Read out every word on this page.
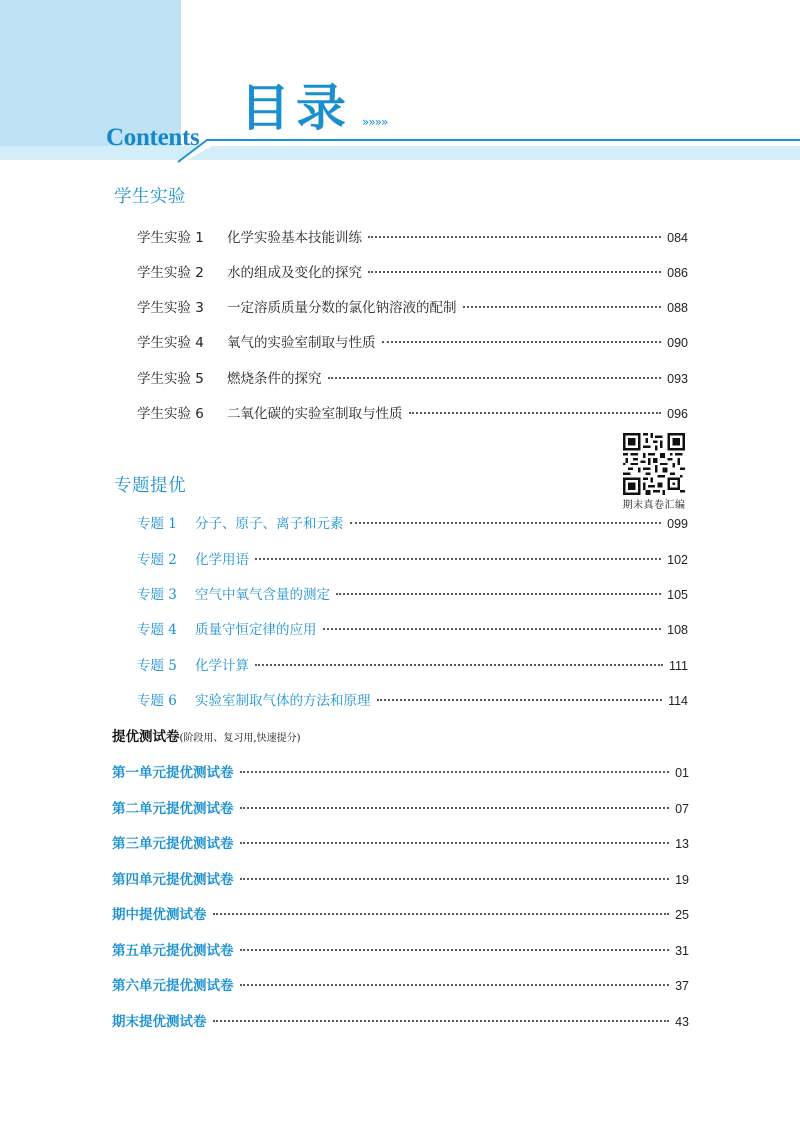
Contents
目录 »»»»
学生实验
学生实验 1	化学实验基本技能训练	084
学生实验 2	水的组成及变化的探究	086
学生实验 3	一定溶质质量分数的氯化钠溶液的配制	088
学生实验 4	氧气的实验室制取与性质	090
学生实验 5	燃烧条件的探究	093
学生实验 6	二氧化碳的实验室制取与性质	096
期末真卷汇编
专题提优
专题 1	分子、原子、离子和元素	099
专题 2	化学用语	102
专题 3	空气中氧气含量的测定	105
专题 4	质量守恒定律的应用	108
专题 5	化学计算	111
专题 6	实验室制取气体的方法和原理	114
提优测试卷(阶段用、复习用,快速提分)
第一单元提优测试卷	01
第二单元提优测试卷	07
第三单元提优测试卷	13
第四单元提优测试卷	19
期中提优测试卷	25
第五单元提优测试卷	31
第六单元提优测试卷	37
期末提优测试卷	43
